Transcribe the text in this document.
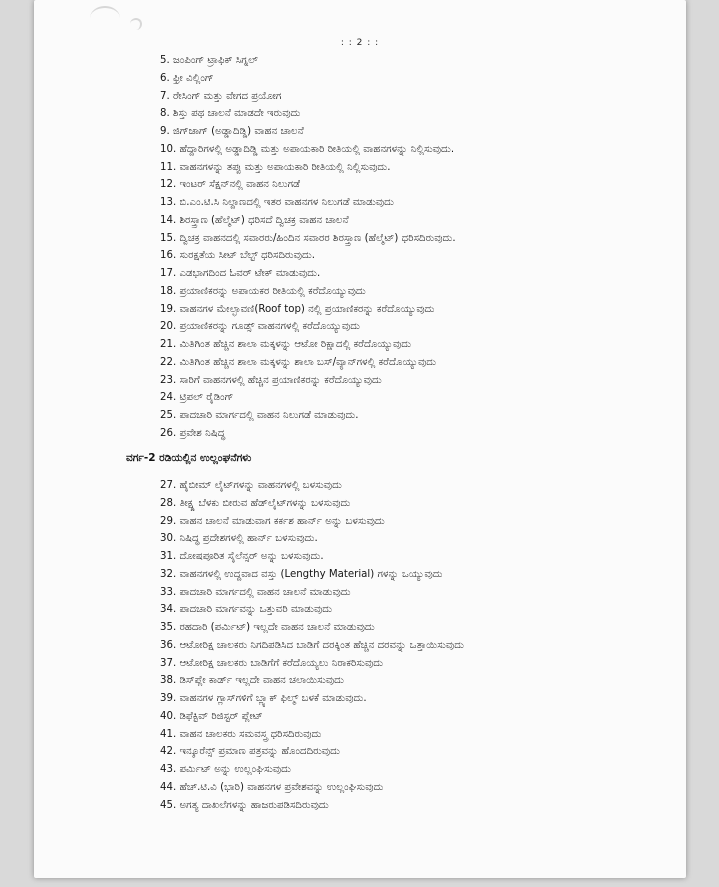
: : 2 : :
5. ಜಂಪಿಂಗ್ ಟ್ರಾಫಿಕ್ ಸಿಗ್ನಲ್
6. ಫ್ರೀ ವಿಲ್ಲಿಂಗ್
7. ರೇಸಿಂಗ್ ಮತ್ತು ವೇಗದ ಪ್ರಯೋಗ
8. ಶಿಸ್ತು ಪಥ ಚಾಲನೆ ಮಾಡದೇ ಇರುವುದು
9. ಜಿಗ್‌ಜಾಗ್ (ಅಡ್ಡಾದಿಡ್ಡಿ) ವಾಹನ ಚಾಲನೆ
10. ಹೆದ್ದಾರಿಗಳಲ್ಲಿ ಅಡ್ಡಾದಿಡ್ಡಿ ಮತ್ತು ಅಪಾಯಕಾರಿ ರೀತಿಯಲ್ಲಿ ವಾಹನಗಳನ್ನು ನಿಲ್ಲಿಸುವುದು.
11. ವಾಹನಗಳನ್ನು ತಪ್ಪು ಮತ್ತು ಅಪಾಯಕಾರಿ ರೀತಿಯಲ್ಲಿ ನಿಲ್ಲಿಸುವುದು.
12. ಇಂಟರ್ ಸೆಕ್ಷನ್‌ನಲ್ಲಿ ವಾಹನ ನಿಲುಗಡೆ
13. ಬಿ.ಎಂ.ಟಿ.ಸಿ ನಿಲ್ದಾಣದಲ್ಲಿ ಇತರ ವಾಹನಗಳ ನಿಲುಗಡೆ ಮಾಡುವುದು
14. ಶಿರಸ್ತ್ರಾಣ (ಹೆಲ್ಮೆಟ್) ಧರಿಸದೆ ದ್ವಿಚಕ್ರ ವಾಹನ ಚಾಲನೆ
15. ದ್ವಿಚಕ್ರ ವಾಹನದಲ್ಲಿ ಸವಾರರು/ಹಿಂದಿನ ಸವಾರರ ಶಿರಸ್ತ್ರಾಣ (ಹೆಲ್ಮೆಟ್) ಧರಿಸದಿರುವುದು.
16. ಸುರಕ್ಷತೆಯ ಸೀಟ್ ಬೆಲ್ಟ್ ಧರಿಸದಿರುವುದು.
17. ಎಡಭಾಗದಿಂದ ಓವರ್ ಟೇಕ್ ಮಾಡುವುದು.
18. ಪ್ರಯಾಣಿಕರನ್ನು ಅಪಾಯಕರ ರೀತಿಯಲ್ಲಿ ಕರೆದೊಯ್ಯುವುದು
19. ವಾಹನಗಳ ಮೇಲ್ಛಾವಣಿ(Roof top) ನಲ್ಲಿ ಪ್ರಯಾಣಿಕರನ್ನು ಕರೆದೊಯ್ಯುವುದು
20. ಪ್ರಯಾಣಿಕರನ್ನು ಗೂಡ್ಸ್ ವಾಹನಗಳಲ್ಲಿ ಕರೆದೊಯ್ಯುವುದು
21. ಮಿತಿಗಿಂತ ಹೆಚ್ಚಿನ ಶಾಲಾ ಮಕ್ಕಳನ್ನು ಆಟೋ ರಿಕ್ಷಾದಲ್ಲಿ ಕರೆದೊಯ್ಯುವುದು
22. ಮಿತಿಗಿಂತ ಹೆಚ್ಚಿನ ಶಾಲಾ ಮಕ್ಕಳನ್ನು ಶಾಲಾ ಬಸ್/ವ್ಯಾನ್‌ಗಳಲ್ಲಿ ಕರೆದೊಯ್ಯುವುದು
23. ಸಾರಿಗೆ ವಾಹನಗಳಲ್ಲಿ ಹೆಚ್ಚಿನ ಪ್ರಯಾಣಿಕರನ್ನು ಕರೆದೊಯ್ಯುವುದು
24. ಟ್ರಿಪಲ್ ರೈಡಿಂಗ್
25. ಪಾದಚಾರಿ ಮಾರ್ಗದಲ್ಲಿ ವಾಹನ ನಿಲುಗಡೆ ಮಾಡುವುದು.
26. ಪ್ರವೇಶ ನಿಷಿದ್ಧ
ವರ್ಗ-2 ರಡಿಯಲ್ಲಿನ ಉಲ್ಲಂಘನೆಗಳು
27. ಹೈಬೀಮ್ ಲೈಟ್‌ಗಳನ್ನು ವಾಹನಗಳಲ್ಲಿ ಬಳಸುವುದು
28. ತೀಕ್ಷ್ಣ ಬೆಳಕು ಬೀರುವ ಹೆಡ್‌ಲೈಟ್‌ಗಳನ್ನು ಬಳಸುವುದು
29. ವಾಹನ ಚಾಲನೆ ಮಾಡುವಾಗ ಕರ್ಕಶ ಹಾರ್ನ್ ಅನ್ನು ಬಳಸುವುದು
30. ನಿಷಿದ್ಧ ಪ್ರದೇಶಗಳಲ್ಲಿ ಹಾರ್ನ್ ಬಳಸುವುದು.
31. ದೋಷಪೂರಿತ ಸೈಲೆನ್ಸರ್ ಅನ್ನು ಬಳಸುವುದು.
32. ವಾಹನಗಳಲ್ಲಿ ಉದ್ದವಾದ ವಸ್ತು (Lengthy Material) ಗಳನ್ನು ಒಯ್ಯುವುದು
33. ಪಾದಚಾರಿ ಮಾರ್ಗದಲ್ಲಿ ವಾಹನ ಚಾಲನೆ ಮಾಡುವುದು
34. ಪಾದಚಾರಿ ಮಾರ್ಗವನ್ನು ಒತ್ತುವರಿ ಮಾಡುವುದು
35. ರಹದಾರಿ (ಪರ್ಮಿಟ್) ಇಲ್ಲದೇ ವಾಹನ ಚಾಲನೆ ಮಾಡುವುದು
36. ಆಟೋರಿಕ್ಷ ಚಾಲಕರು ನಿಗದಿಪಡಿಸಿದ ಬಾಡಿಗೆ ದರಕ್ಕಿಂತ ಹೆಚ್ಚಿನ ದರವನ್ನು ಒತ್ತಾಯಿಸುವುದು
37. ಆಟೋರಿಕ್ಷ ಚಾಲಕರು ಬಾಡಿಗೆಗೆ ಕರೆದೊಯ್ಯಲು ನಿರಾಕರಿಸುವುದು
38. ಡಿಸ್‌ಪ್ಲೇ ಕಾರ್ಡ್ ಇಲ್ಲದೇ ವಾಹನ ಚಲಾಯಿಸುವುದು
39. ವಾಹನಗಳ ಗ್ಲಾಸ್‌ಗಳಿಗೆ ಬ್ಲ್ಯಾಕ್ ಫಿಲ್ಮ್ ಬಳಕೆ ಮಾಡುವುದು.
40. ಡಿಫೆಕ್ಟಿವ್ ರಿಜಿಸ್ಟರ್ ಪ್ಲೇಟ್
41. ವಾಹನ ಚಾಲಕರು ಸಮವಸ್ತ್ರ ಧರಿಸದಿರುವುದು
42. ಇನ್ಶೂರೆನ್ಸ್ ಪ್ರಮಾಣ ಪತ್ರವನ್ನು ಹೊಂದದಿರುವುದು
43. ಪರ್ಮಿಟ್ ಅನ್ನು ಉಲ್ಲಂಘಿಸುವುದು
44. ಹೆಚ್.ಟಿ.ವಿ (ಭಾರಿ) ವಾಹನಗಳ ಪ್ರವೇಶವನ್ನು ಉಲ್ಲಂಘಿಸುವುದು
45. ಅಗತ್ಯ ದಾಖಲೆಗಳನ್ನು ಹಾಜರುಪಡಿಸದಿರುವುದು
